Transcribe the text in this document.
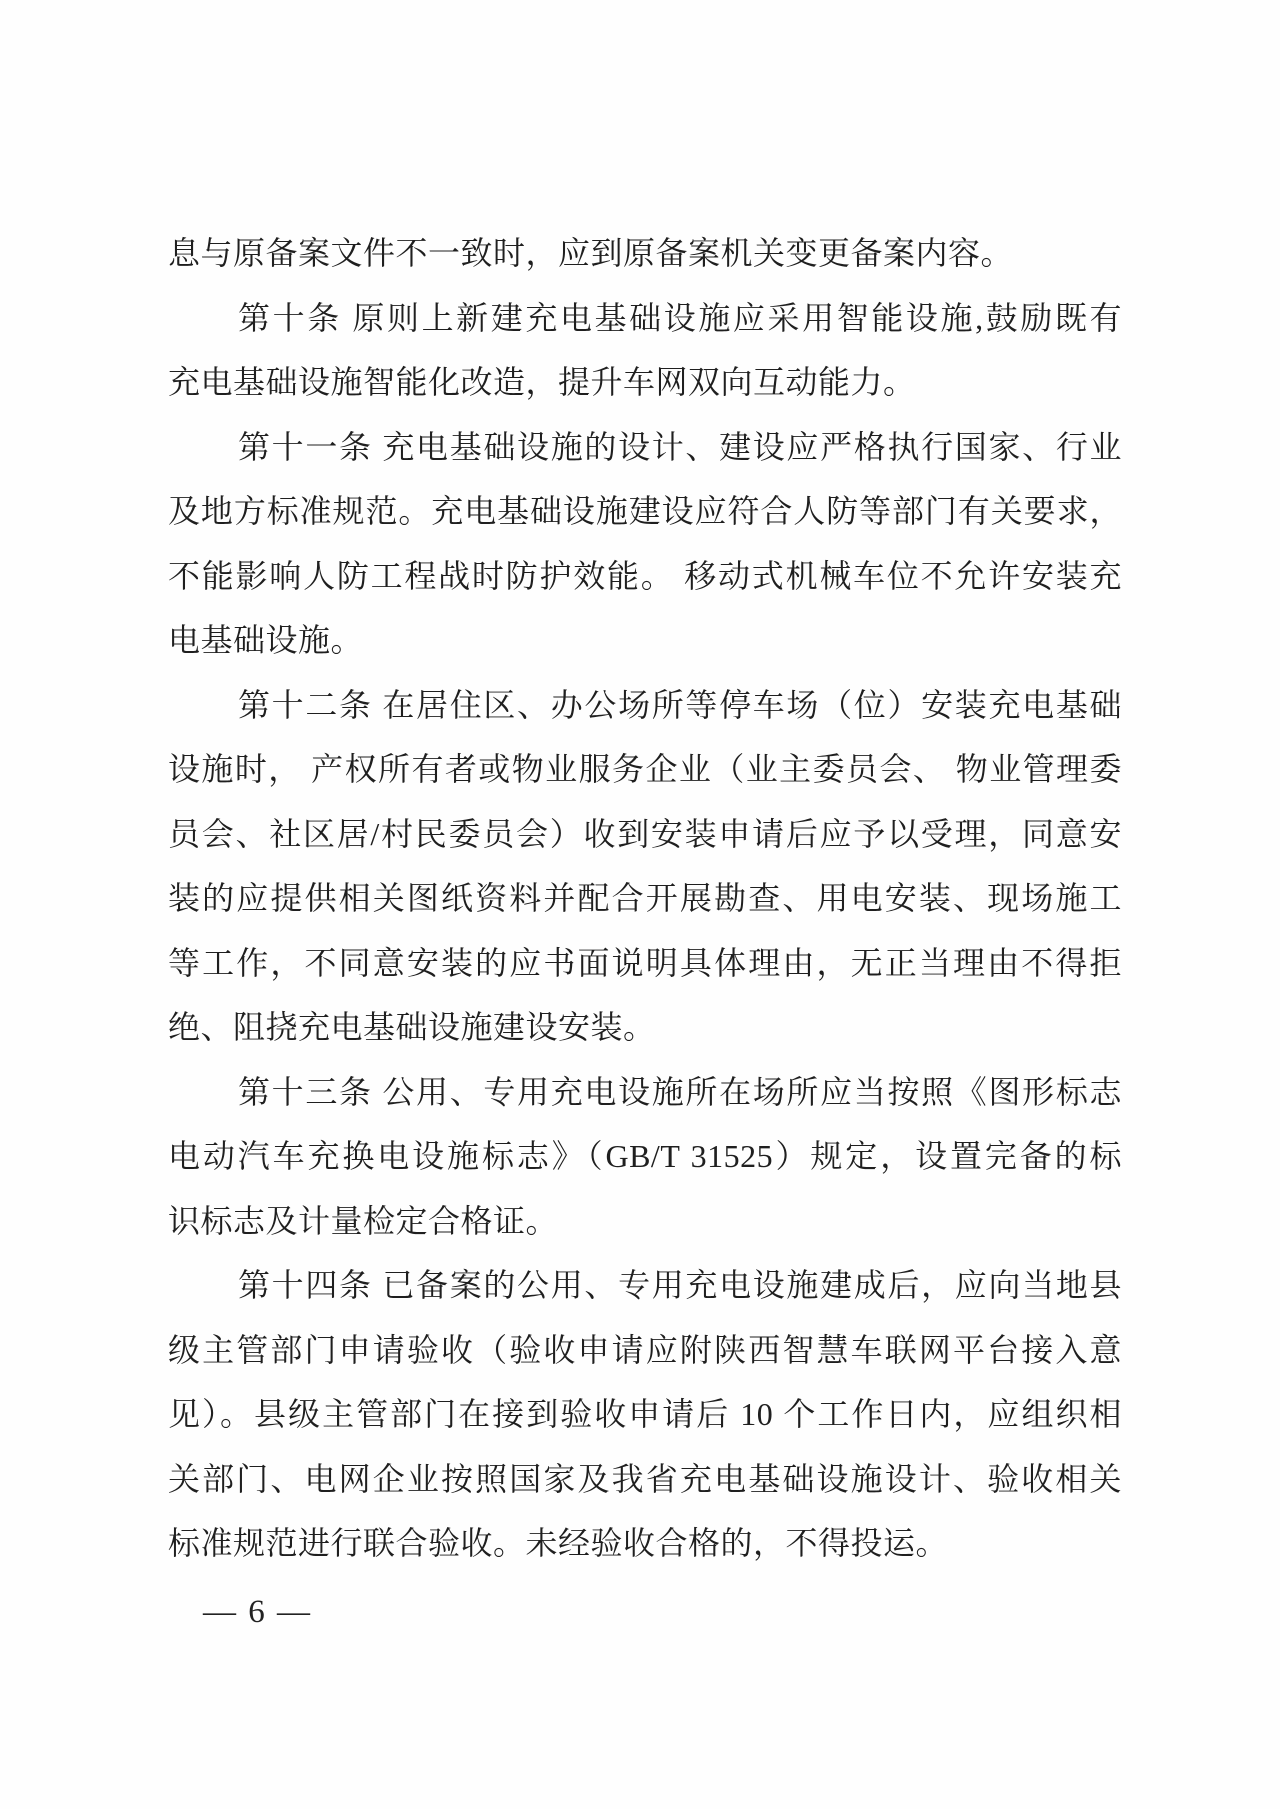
息与原备案文件不一致时，应到原备案机关变更备案内容。

第十条 原则上新建充电基础设施应采用智能设施,鼓励既有

充电基础设施智能化改造，提升车网双向互动能力。

第十一条 充电基础设施的设计、建设应严格执行国家、行业

及地方标准规范。充电基础设施建设应符合人防等部门有关要求，

不能影响人防工程战时防护效能。 移动式机械车位不允许安装充

电基础设施。

第十二条 在居住区、办公场所等停车场（位）安装充电基础

设施时， 产权所有者或物业服务企业（业主委员会、 物业管理委

员会、社区居/村民委员会）收到安装申请后应予以受理，同意安

装的应提供相关图纸资料并配合开展勘查、用电安装、现场施工

等工作，不同意安装的应书面说明具体理由，无正当理由不得拒

绝、阻挠充电基础设施建设安装。

第十三条 公用、专用充电设施所在场所应当按照《图形标志

电动汽车充换电设施标志》（GB/T 31525）规定，设置完备的标

识标志及计量检定合格证。

第十四条 已备案的公用、专用充电设施建成后，应向当地县

级主管部门申请验收（验收申请应附陕西智慧车联网平台接入意

见）。县级主管部门在接到验收申请后 10 个工作日内，应组织相

关部门、电网企业按照国家及我省充电基础设施设计、验收相关

标准规范进行联合验收。未经验收合格的，不得投运。

— 6 —
